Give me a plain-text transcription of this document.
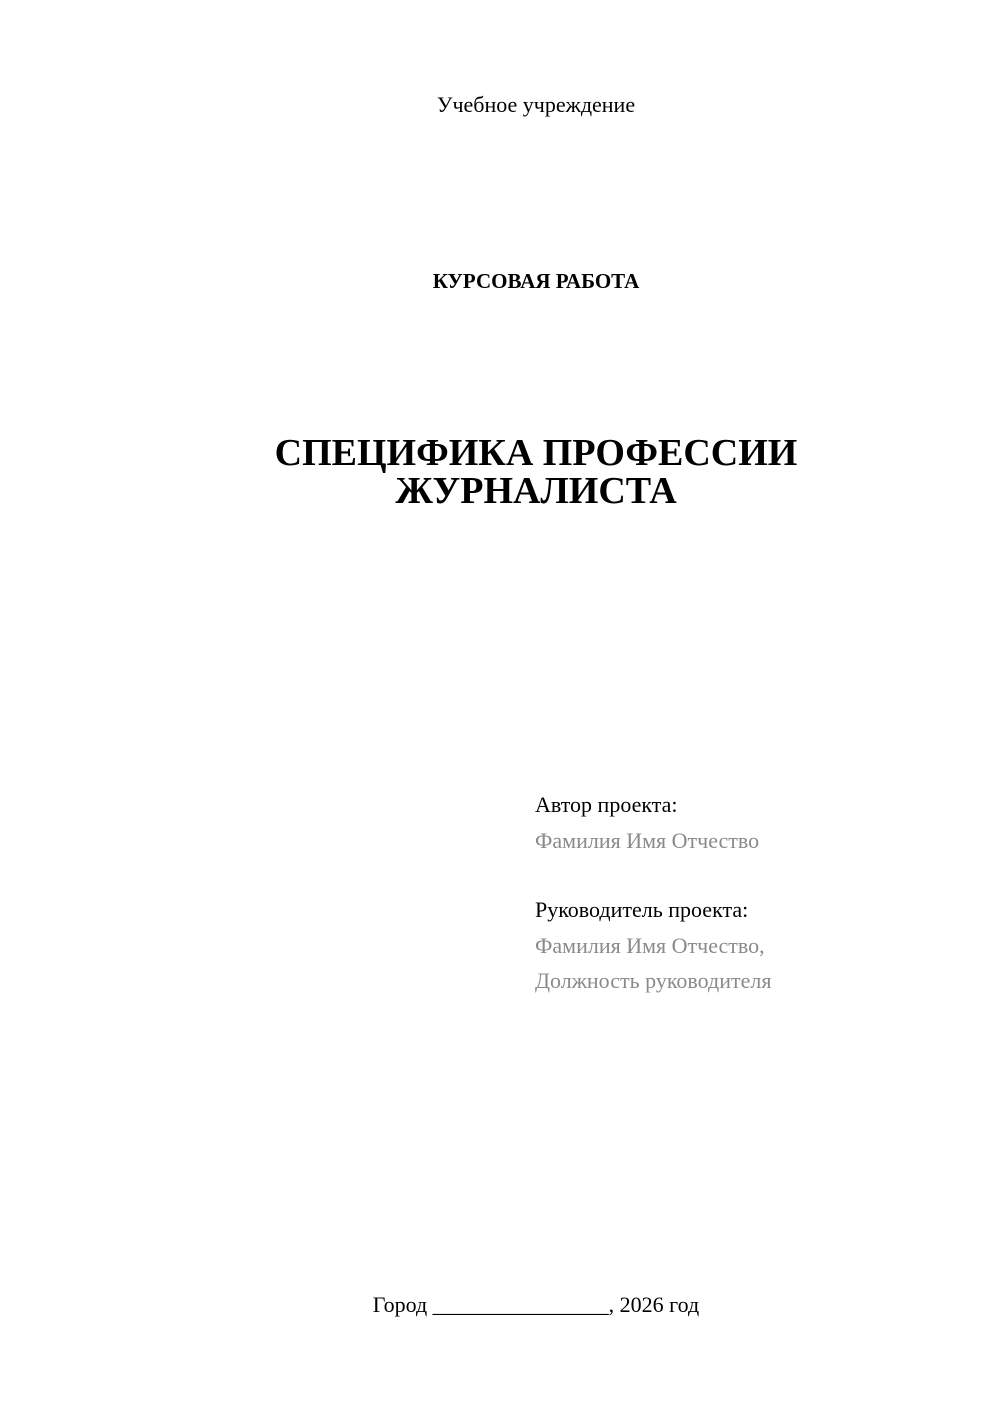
Учебное учреждение
КУРСОВАЯ РАБОТА
СПЕЦИФИКА ПРОФЕССИИ
ЖУРНАЛИСТА
Автор проекта:
Фамилия Имя Отчество
Руководитель проекта:
Фамилия Имя Отчество,
Должность руководителя
Город ________________, 2026 год
